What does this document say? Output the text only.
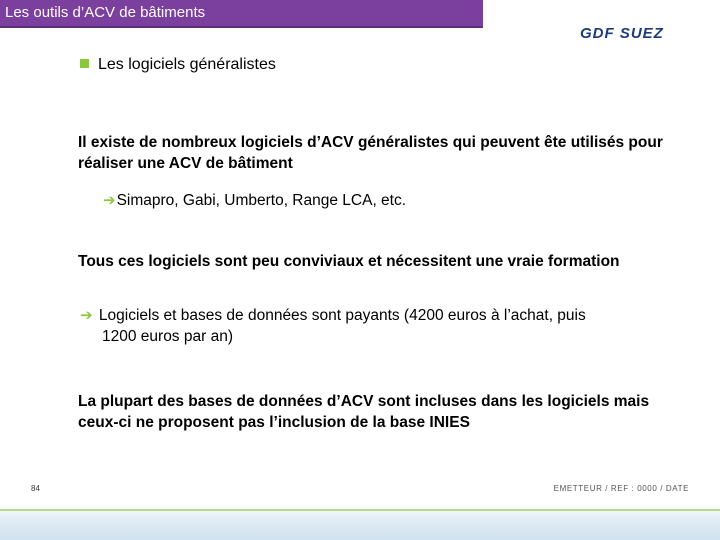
Les outils d’ACV de bâtiments
GDF SUEZ
Les logiciels généralistes
Il existe de nombreux logiciels d’ACV généralistes qui peuvent ête utilisés pour réaliser une ACV de bâtiment
➔Simapro, Gabi, Umberto, Range LCA, etc.
Tous ces logiciels sont peu conviviaux et nécessitent une vraie formation
➔ Logiciels et bases de données sont payants (4200 euros à l’achat, puis
1200 euros par an)
La plupart des bases de données d’ACV sont incluses dans les logiciels mais ceux-ci ne proposent pas l’inclusion de la base INIES
84	EMETTEUR / REF : 0000 / DATE
